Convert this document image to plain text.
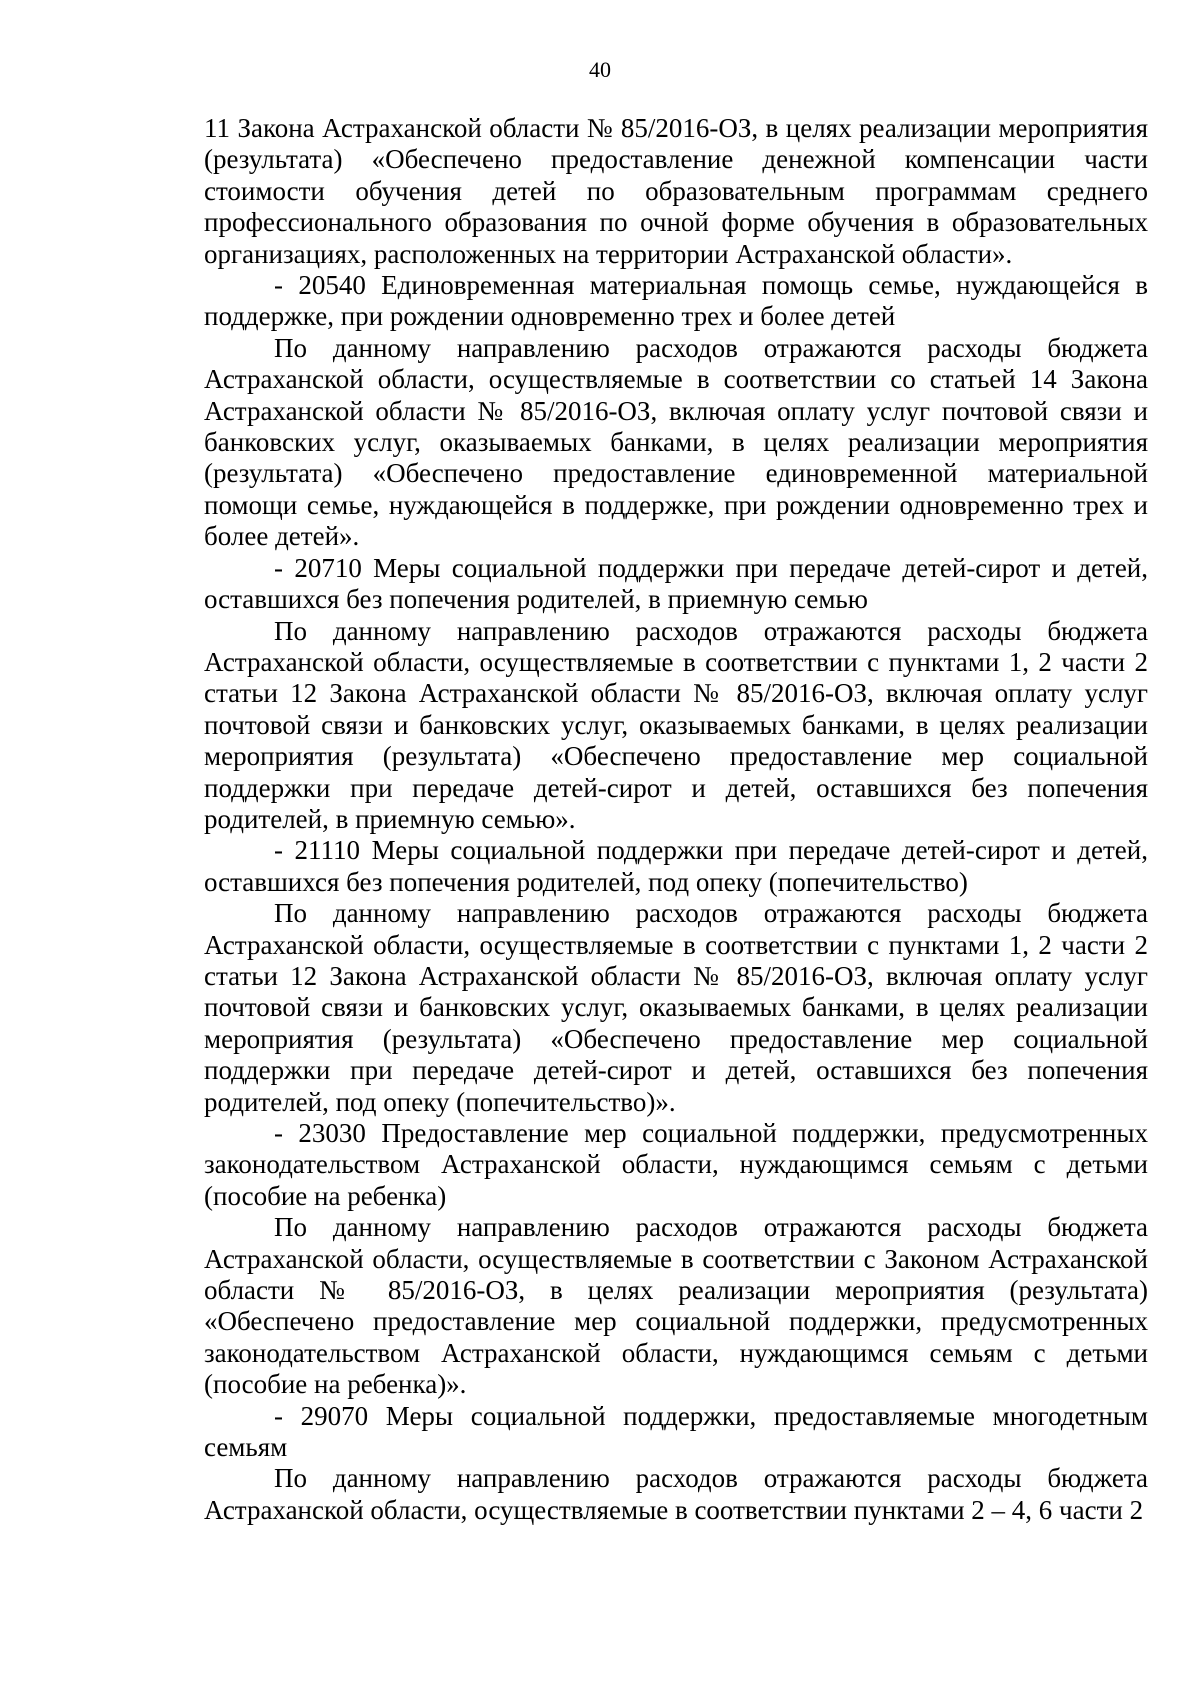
40

11 Закона Астраханской области № 85/2016-ОЗ, в целях реализации мероприятия (результата) «Обеспечено предоставление денежной компенсации части стоимости обучения детей по образовательным программам среднего профессионального образования по очной форме обучения в образовательных организациях, расположенных на территории Астраханской области».

- 20540 Единовременная материальная помощь семье, нуждающейся в поддержке, при рождении одновременно трех и более детей

По данному направлению расходов отражаются расходы бюджета Астраханской области, осуществляемые в соответствии со статьей 14 Закона Астраханской области № 85/2016-ОЗ, включая оплату услуг почтовой связи и банковских услуг, оказываемых банками, в целях реализации мероприятия (результата) «Обеспечено предоставление единовременной материальной помощи семье, нуждающейся в поддержке, при рождении одновременно трех и более детей».

- 20710 Меры социальной поддержки при передаче детей-сирот и детей, оставшихся без попечения родителей, в приемную семью

По данному направлению расходов отражаются расходы бюджета Астраханской области, осуществляемые в соответствии с пунктами 1, 2 части 2 статьи 12 Закона Астраханской области № 85/2016-ОЗ, включая оплату услуг почтовой связи и банковских услуг, оказываемых банками, в целях реализации мероприятия (результата) «Обеспечено предоставление мер социальной поддержки при передаче детей-сирот и детей, оставшихся без попечения родителей, в приемную семью».

- 21110 Меры социальной поддержки при передаче детей-сирот и детей, оставшихся без попечения родителей, под опеку (попечительство)

По данному направлению расходов отражаются расходы бюджета Астраханской области, осуществляемые в соответствии с пунктами 1, 2 части 2 статьи 12 Закона Астраханской области № 85/2016-ОЗ, включая оплату услуг почтовой связи и банковских услуг, оказываемых банками, в целях реализации мероприятия (результата) «Обеспечено предоставление мер социальной поддержки при передаче детей-сирот и детей, оставшихся без попечения родителей, под опеку (попечительство)».

- 23030 Предоставление мер социальной поддержки, предусмотренных законодательством Астраханской области, нуждающимся семьям с детьми (пособие на ребенка)

По данному направлению расходов отражаются расходы бюджета Астраханской области, осуществляемые в соответствии с Законом Астраханской области № 85/2016-ОЗ, в целях реализации мероприятия (результата) «Обеспечено предоставление мер социальной поддержки, предусмотренных законодательством Астраханской области, нуждающимся семьям с детьми (пособие на ребенка)».

- 29070 Меры социальной поддержки, предоставляемые многодетным семьям

По данному направлению расходов отражаются расходы бюджета Астраханской области, осуществляемые в соответствии пунктами 2 – 4, 6 части 2
